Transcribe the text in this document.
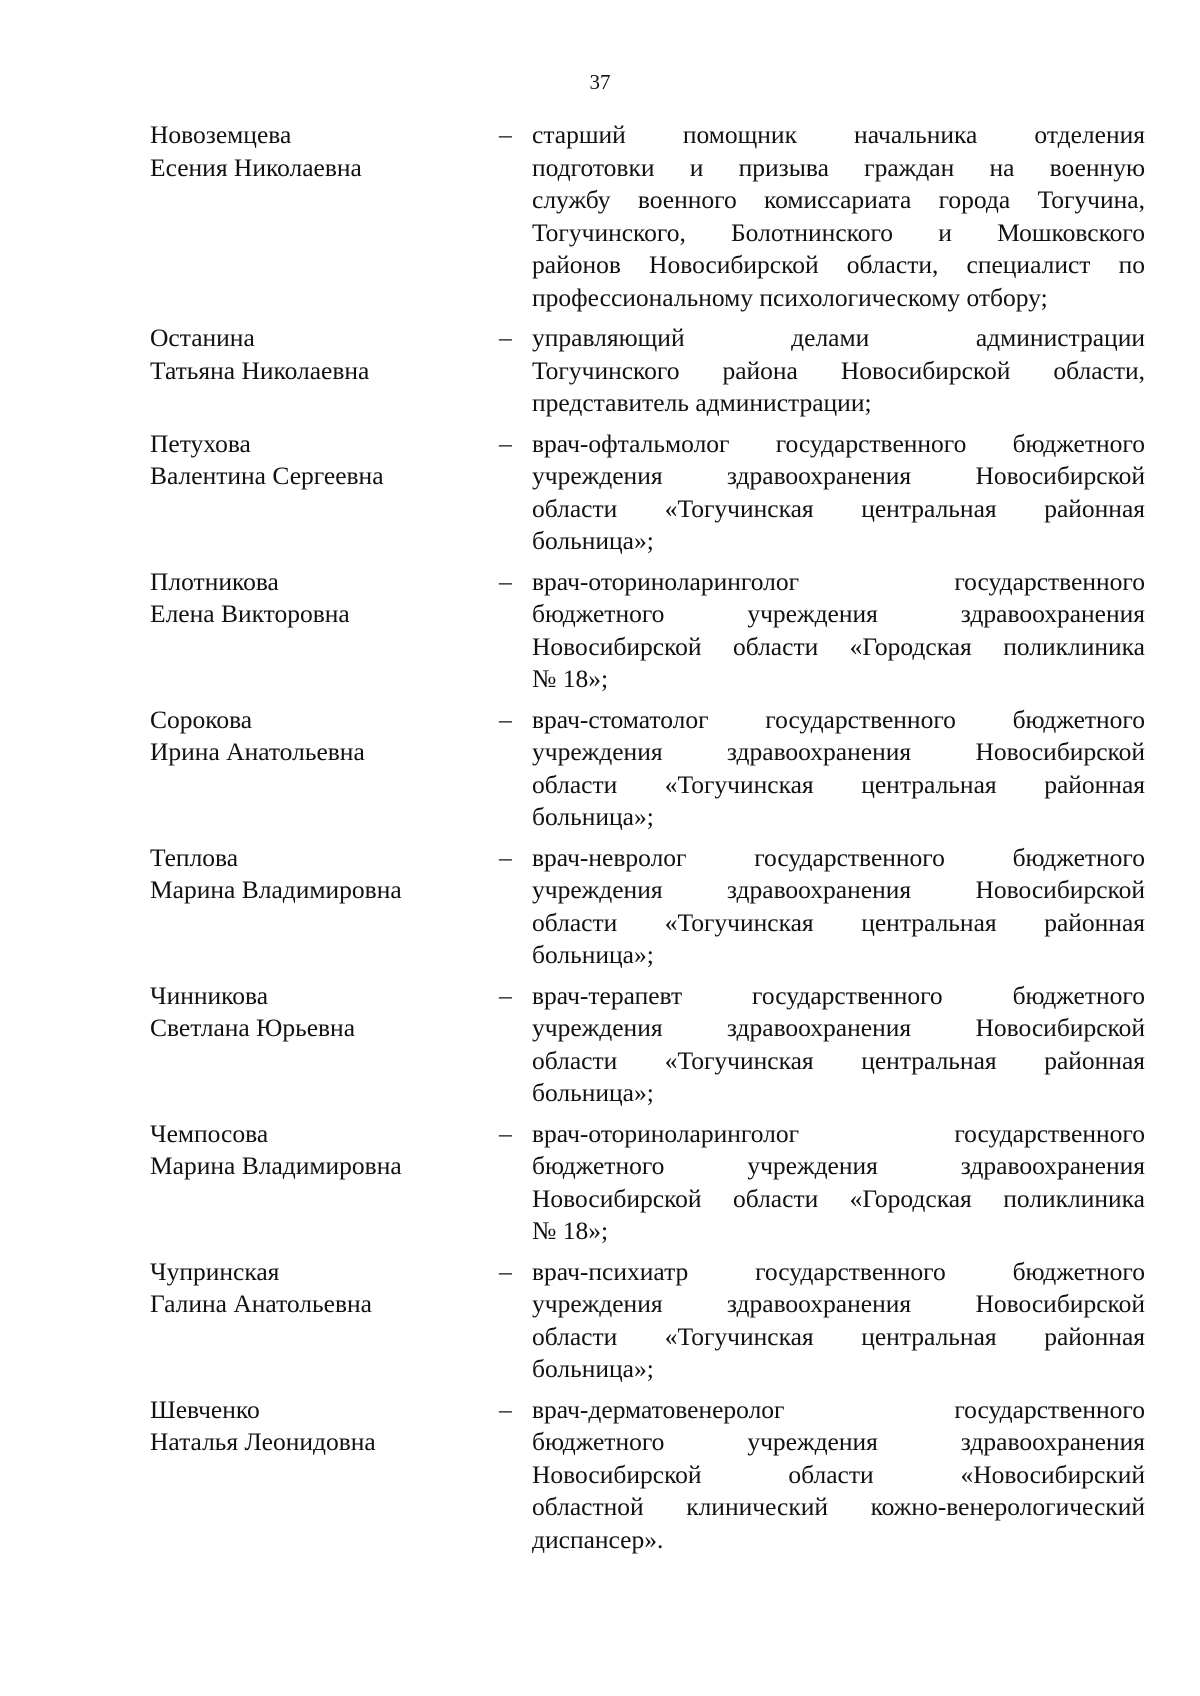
37
Новоземцева
Есения Николаевна
– старший помощник начальника отделения
подготовки и призыва граждан на военную
службу военного комиссариата города Тогучина,
Тогучинского, Болотнинского и Мошковского
районов Новосибирской области, специалист по
профессиональному психологическому отбору;
Останина
Татьяна Николаевна
– управляющий делами администрации
Тогучинского района Новосибирской области,
представитель администрации;
Петухова
Валентина Сергеевна
– врач-офтальмолог государственного бюджетного
учреждения здравоохранения Новосибирской
области «Тогучинская центральная районная
больница»;
Плотникова
Елена Викторовна
– врач-оториноларинголог государственного
бюджетного учреждения здравоохранения
Новосибирской области «Городская поликлиника
№ 18»;
Сорокова
Ирина Анатольевна
– врач-стоматолог государственного бюджетного
учреждения здравоохранения Новосибирской
области «Тогучинская центральная районная
больница»;
Теплова
Марина Владимировна
– врач-невролог государственного бюджетного
учреждения здравоохранения Новосибирской
области «Тогучинская центральная районная
больница»;
Чинникова
Светлана Юрьевна
– врач-терапевт государственного бюджетного
учреждения здравоохранения Новосибирской
области «Тогучинская центральная районная
больница»;
Чемпосова
Марина Владимировна
– врач-оториноларинголог государственного
бюджетного учреждения здравоохранения
Новосибирской области «Городская поликлиника
№ 18»;
Чупринская
Галина Анатольевна
– врач-психиатр государственного бюджетного
учреждения здравоохранения Новосибирской
области «Тогучинская центральная районная
больница»;
Шевченко
Наталья Леонидовна
– врач-дерматовенеролог государственного
бюджетного учреждения здравоохранения
Новосибирской области «Новосибирский
областной клинический кожно-венерологический
диспансер».
